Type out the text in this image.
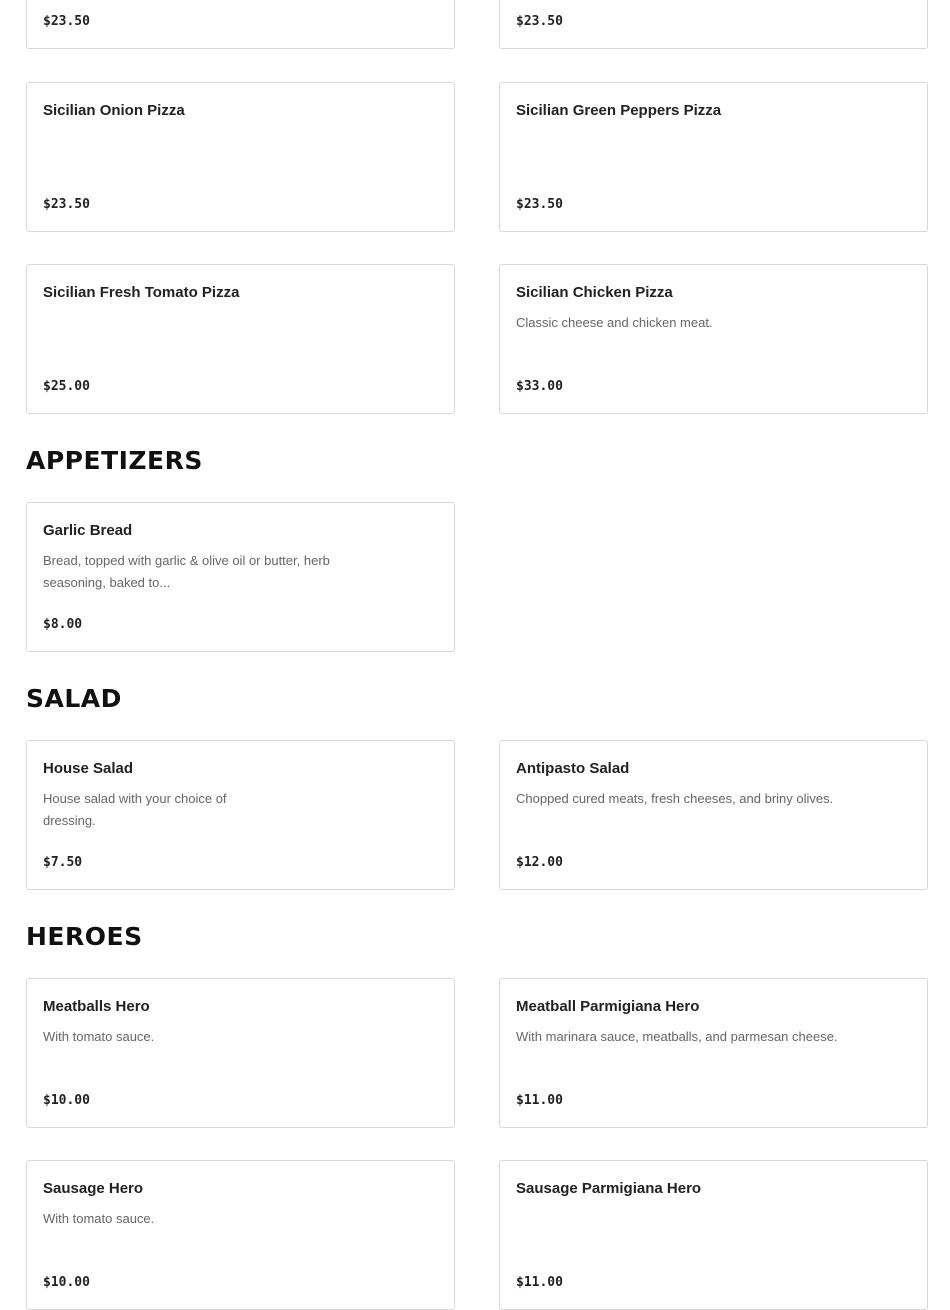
$23.50	$23.50
Sicilian Onion Pizza
$23.50
Sicilian Green Peppers Pizza
$23.50
Sicilian Fresh Tomato Pizza
$25.00
Sicilian Chicken Pizza
Classic cheese and chicken meat.
$33.00
APPETIZERS
Garlic Bread
Bread, topped with garlic & olive oil or butter, herb seasoning, baked to...
$8.00
SALAD
House Salad
House salad with your choice of dressing.
$7.50
Antipasto Salad
Chopped cured meats, fresh cheeses, and briny olives.
$12.00
HEROES
Meatballs Hero
With tomato sauce.
$10.00
Meatball Parmigiana Hero
With marinara sauce, meatballs, and parmesan cheese.
$11.00
Sausage Hero
With tomato sauce.
$10.00
Sausage Parmigiana Hero
$11.00
